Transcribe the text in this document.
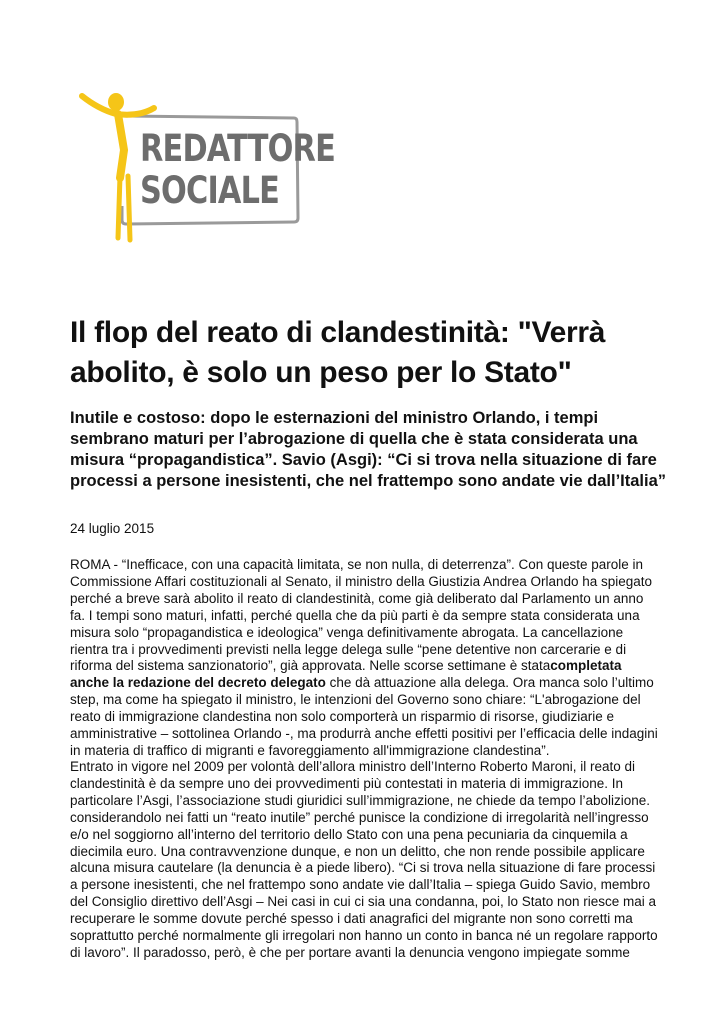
REDATTORE
SOCIALE
Il flop del reato di clandestinità: "Verrà abolito, è solo un peso per lo Stato"

Inutile e costoso: dopo le esternazioni del ministro Orlando, i tempi sembrano maturi per l’abrogazione di quella che è stata considerata una misura “propagandistica”. Savio (Asgi): “Ci si trova nella situazione di fare processi a persone inesistenti, che nel frattempo sono andate vie dall’Italia”

24 luglio 2015

ROMA - “Inefficace, con una capacità limitata, se non nulla, di deterrenza”. Con queste parole in Commissione Affari costituzionali al Senato, il ministro della Giustizia Andrea Orlando ha spiegato perché a breve sarà abolito il reato di clandestinità, come già deliberato dal Parlamento un anno fa. I tempi sono maturi, infatti, perché quella che da più parti è da sempre stata considerata una misura solo “propagandistica e ideologica” venga definitivamente abrogata. La cancellazione rientra tra i provvedimenti previsti nella legge delega sulle “pene detentive non carcerarie e di riforma del sistema sanzionatorio”, già approvata. Nelle scorse settimane è statacompletata anche la redazione del decreto delegato che dà attuazione alla delega. Ora manca solo l’ultimo step, ma come ha spiegato il ministro, le intenzioni del Governo sono chiare: “L'abrogazione del reato di immigrazione clandestina non solo comporterà un risparmio di risorse, giudiziarie e amministrative – sottolinea Orlando -, ma produrrà anche effetti positivi per l’efficacia delle indagini in materia di traffico di migranti e favoreggiamento all'immigrazione clandestina”.

Entrato in vigore nel 2009 per volontà dell’allora ministro dell’Interno Roberto Maroni, il reato di clandestinità è da sempre uno dei provvedimenti più contestati in materia di immigrazione. In particolare l’Asgi, l’associazione studi giuridici sull’immigrazione, ne chiede da tempo l’abolizione. considerandolo nei fatti un “reato inutile” perché punisce la condizione di irregolarità nell’ingresso e/o nel soggiorno all’interno del territorio dello Stato con una pena pecuniaria da cinquemila a diecimila euro. Una contravvenzione dunque, e non un delitto, che non rende possibile applicare alcuna misura cautelare (la denuncia è a piede libero). “Ci si trova nella situazione di fare processi a persone inesistenti, che nel frattempo sono andate vie dall’Italia – spiega Guido Savio, membro del Consiglio direttivo dell’Asgi – Nei casi in cui ci sia una condanna, poi, lo Stato non riesce mai a recuperare le somme dovute perché spesso i dati anagrafici del migrante non sono corretti ma soprattutto perché normalmente gli irregolari non hanno un conto in banca né un regolare rapporto di lavoro”. Il paradosso, però, è che per portare avanti la denuncia vengono impiegate somme
